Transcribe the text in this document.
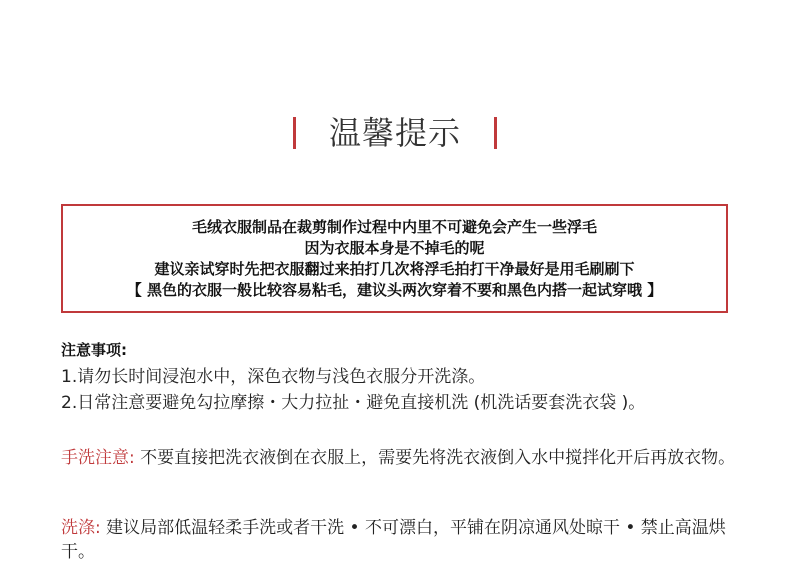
温馨提示
毛绒衣服制品在裁剪制作过程中内里不可避免会产生一些浮毛
因为衣服本身是不掉毛的呢
建议亲试穿时先把衣服翻过来拍打几次将浮毛拍打干净最好是用毛刷刷下
【 黑色的衣服一般比较容易粘毛，建议头两次穿着不要和黑色内搭一起试穿哦 】
注意事项:
1.请勿长时间浸泡水中，深色衣物与浅色衣服分开洗涤。
2.日常注意要避免勾拉摩擦・大力拉扯・避免直接机洗 (机洗话要套洗衣袋 )。
手洗注意: 不要直接把洗衣液倒在衣服上，需要先将洗衣液倒入水中搅拌化开后再放衣物。
洗涤: 建议局部低温轻柔手洗或者干洗 • 不可漂白，平铺在阴凉通风处晾干 • 禁止高温烘干。
